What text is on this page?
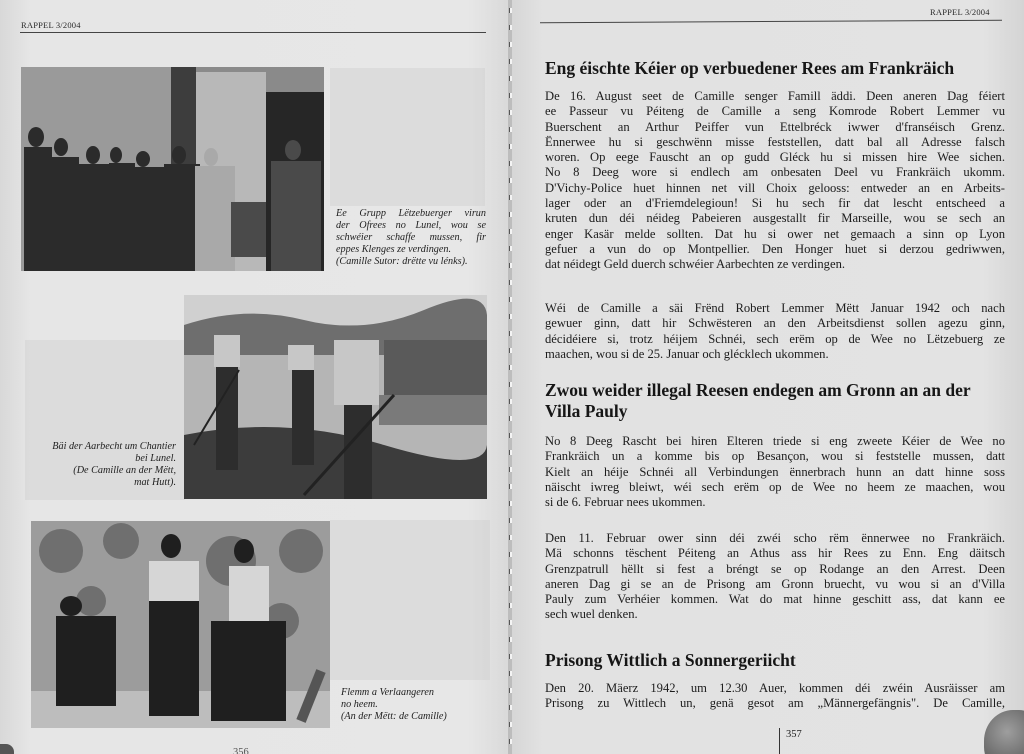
RAPPEL 3/2004
Ee Grupp Lëtzebuerger virun
der Ofrees no Lunel, wou se
schwéier schaffe mussen, fir
eppes Klenges ze verdingen.
(Camille Sutor: drëtte vu lénks).
Bäi der Aarbecht um Chantier
bei Lunel.
(De Camille an der Mëtt,
mat Hutt).
Flemm a Verlaangeren
no heem.
(An der Mëtt: de Camille)
356
RAPPEL 3/2004
Eng éischte Kéier op verbuedener Rees am Frankräich
De 16. August seet de Camille senger Famill äddi. Deen aneren Dag féiert
ee Passeur vu Péiteng de Camille a seng Komrode Robert Lemmer vu
Buerschent an Arthur Peiffer vun Ettelbréck iwwer d'franséisch Grenz.
Ënnerwee hu si geschwënn misse feststellen, datt bal all Adresse falsch
woren. Op eege Fauscht an op gudd Gléck hu si missen hire Wee sichen.
No 8 Deeg wore si endlech am onbesaten Deel vu Frankräich ukomm.
D'Vichy-Police huet hinnen net vill Choix gelooss: entweder an en Arbeits-
lager oder an d'Friemdelegioun! Si hu sech fir dat lescht entscheed a
kruten dun déi néideg Pabeieren ausgestallt fir Marseille, wou se sech an
enger Kasär melde sollten. Dat hu si ower net gemaach a sinn op Lyon
gefuer a vun do op Montpellier. Den Honger huet si derzou gedriwwen,
dat néidegt Geld duerch schwéier Aarbechten ze verdingen.
Wéi de Camille a säi Frënd Robert Lemmer Mëtt Januar 1942 och nach
gewuer ginn, datt hir Schwësteren an den Arbeitsdienst sollen agezu ginn,
décidéiere si, trotz héijem Schnéi, sech erëm op de Wee no Lëtzebuerg ze
maachen, wou si de 25. Januar och glécklech ukommen.
Zwou weider illegal Reesen endegen am Gronn an an der
Villa Pauly
No 8 Deeg Rascht bei hiren Elteren triede si eng zweete Kéier de Wee no
Frankräich un a komme bis op Besançon, wou si feststelle mussen, datt
Kielt an héije Schnéi all Verbindungen ënnerbrach hunn an datt hinne soss
näischt iwreg bleiwt, wéi sech erëm op de Wee no heem ze maachen, wou
si de 6. Februar nees ukommen.
Den 11. Februar ower sinn déi zwéi scho rëm ënnerwee no Frankräich.
Mä schonns tëschent Péiteng an Athus ass hir Rees zu Enn. Eng däitsch
Grenzpatrull hëllt si fest a bréngt se op Rodange an den Arrest. Deen
aneren Dag gi se an de Prisong am Gronn bruecht, vu wou si an d'Villa
Pauly zum Verhéier kommen. Wat do mat hinne geschitt ass, dat kann ee
sech wuel denken.
Prisong Wittlich a Sonnergeriicht
Den 20. Mäerz 1942, um 12.30 Auer, kommen déi zwéin Ausräisser am
Prisong zu Wittlech un, genä gesot am „Männergefängnis". De Camille,
357
